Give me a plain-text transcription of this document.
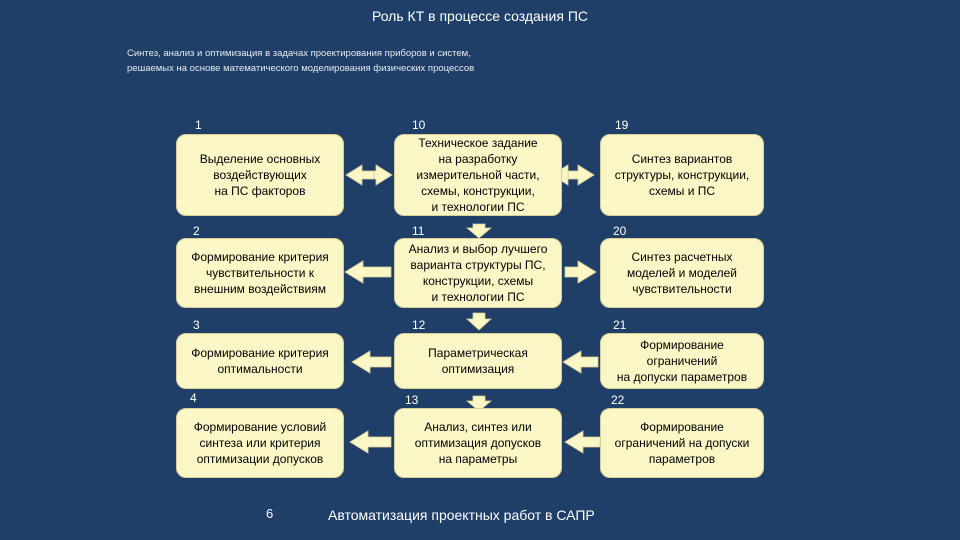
Роль КТ в процессе создания ПС
Синтез, анализ и оптимизация в задачах проектирования приборов и систем,
решаемых на основе математического моделирования физических процессов
1
2
3
4
10
11
12
13
19
20
21
22
Выделение основных
воздействующих
на ПС факторов
Формирование критерия
чувствительности к
внешним воздействиям
Формирование критерия
оптимальности
Формирование условий
синтеза или критерия
оптимизации допусков
Техническое задание
на разработку
измерительной части,
схемы, конструкции,
и технологии ПС
Анализ и выбор лучшего
варианта структуры ПС,
конструкции, схемы
и технологии ПС
Параметрическая
оптимизация
Анализ, синтез или
оптимизация допусков
на параметры
Синтез вариантов
структуры, конструкции,
схемы и ПС
Синтез расчетных
моделей и моделей
чувствительности
Формирование
ограничений
на допуски параметров
Формирование
ограничений на допуски
параметров
6	Автоматизация проектных работ в САПР
